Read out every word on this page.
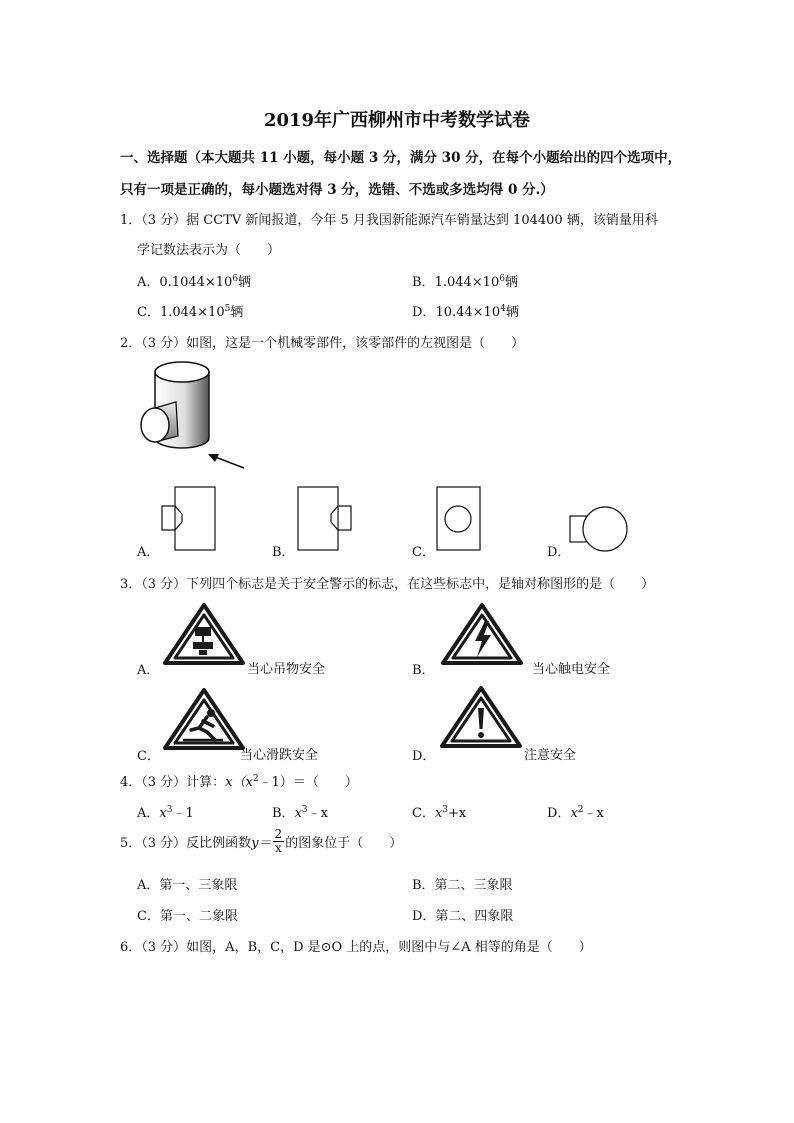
2019年广西柳州市中考数学试卷
一、选择题（本大题共 11 小题，每小题 3 分，满分 30 分，在每个小题给出的四个选项中，
只有一项是正确的，每小题选对得 3 分，选错、不选或多选均得 0 分.）
1．（3 分）据 CCTV 新闻报道，今年 5 月我国新能源汽车销量达到 104400 辆，该销量用科
学记数法表示为（　　）
A．$0.1044\times 10^6$辆	B．$1.044\times 10^6$辆
C．$1.044\times 10^5$辆	D．$10.44\times 10^4$辆
2．（3 分）如图，这是一个机械零部件，该零部件的左视图是（　　）
A．	B．	C．	D．
3．（3 分）下列四个标志是关于安全警示的标志，在这些标志中，是轴对称图形的是（　　）
A．	当心吊物安全	B．	当心触电安全
C．	当心滑跌安全	D．	注意安全
4．（3 分）计算：$x(x^2﹣1)=$（　　）
A．$x^3﹣1$	B．$x^3﹣x$	C．$x^3+x$	D．$x^2﹣x$
5．（3 分）反比例函数$y= \frac{2}{x}$ 的图象位于（　　）
A．第一、三象限	B．第二、三象限
C．第一、二象限	D．第二、四象限
6．（3 分）如图，A，B，C，D 是⊙O 上的点，则图中与∠A 相等的角是（　　）
